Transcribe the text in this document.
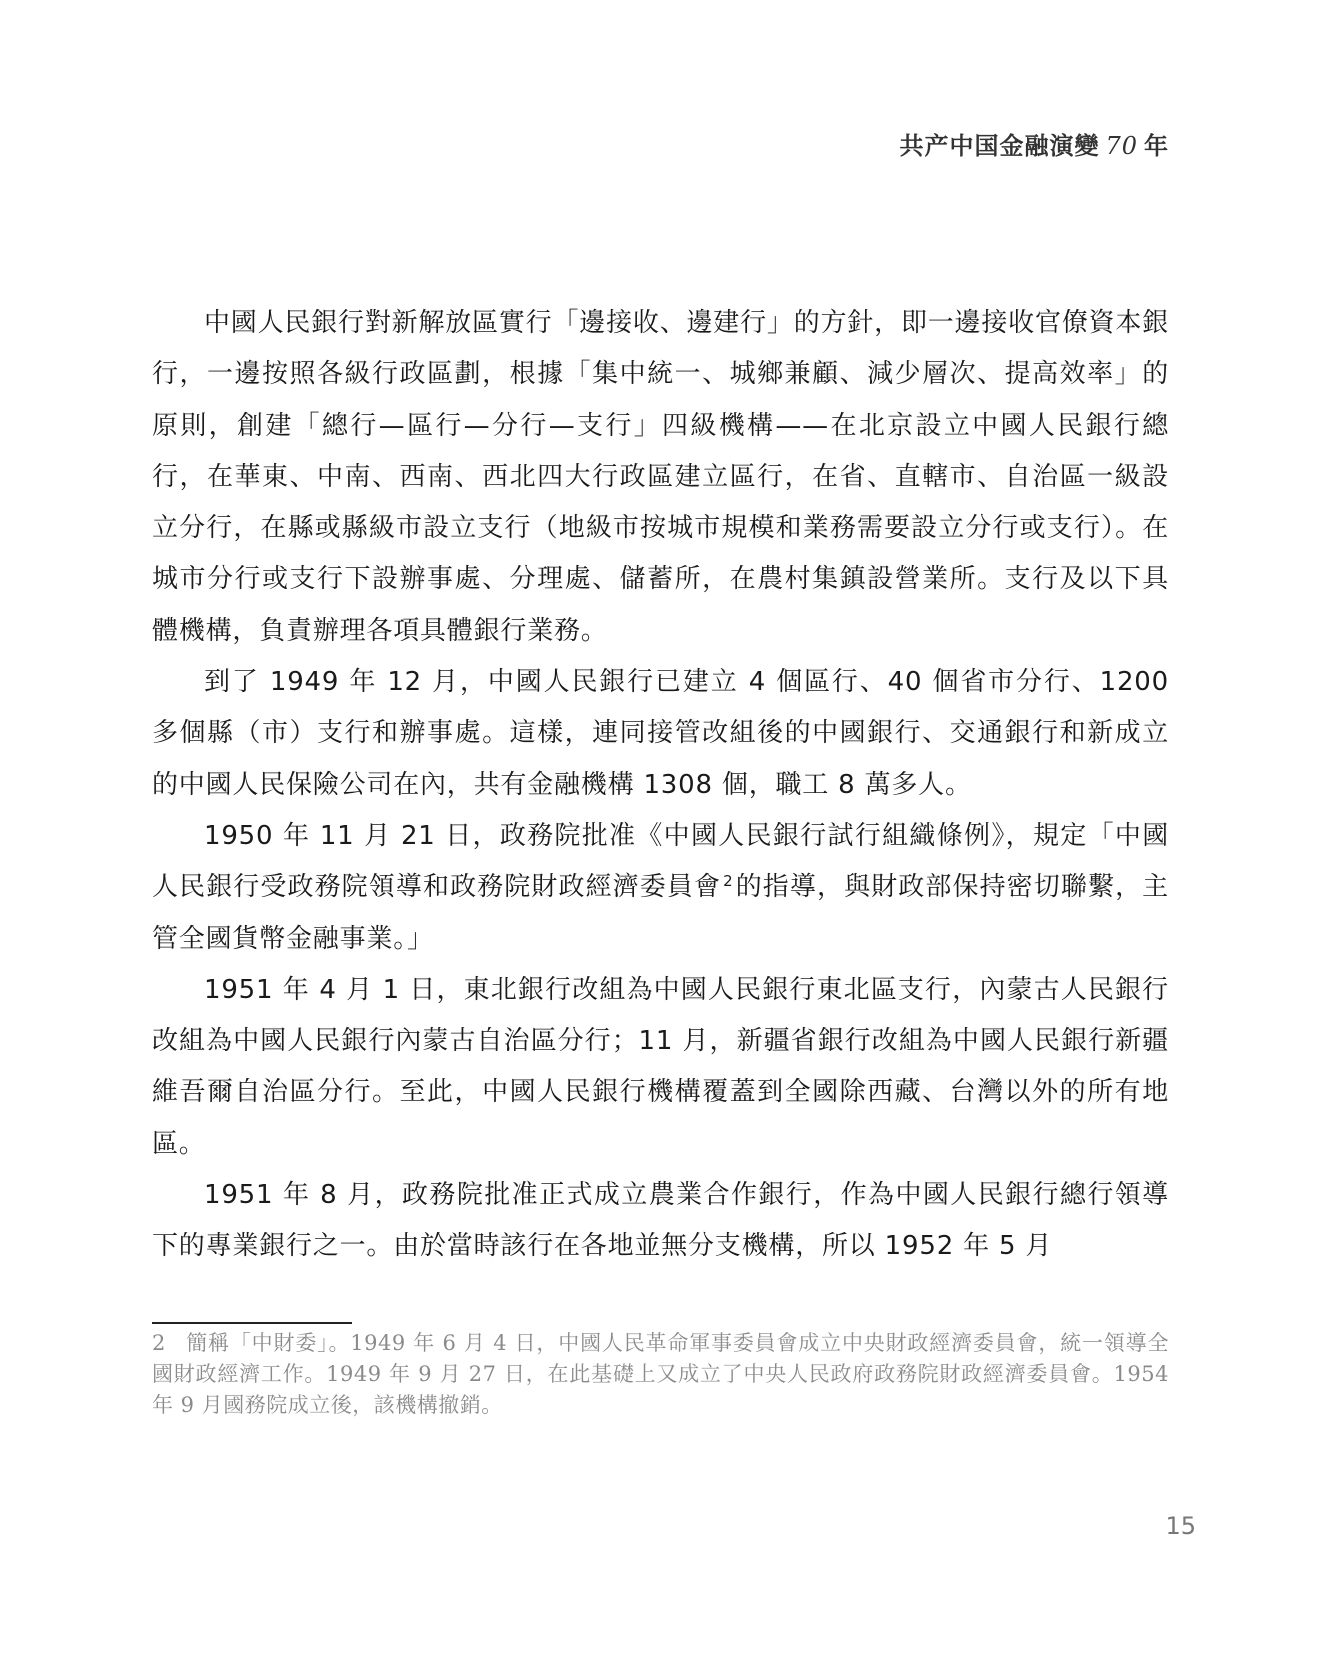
共产中国金融演變 70 年

中國人民銀行對新解放區實行「邊接收、邊建行」的方針，即一邊接收官僚資本銀行，一邊按照各級行政區劃，根據「集中統一、城鄉兼顧、減少層次、提高效率」的原則，創建「總行—區行—分行—支行」四級機構——在北京設立中國人民銀行總行，在華東、中南、西南、西北四大行政區建立區行，在省、直轄市、自治區一級設立分行，在縣或縣級市設立支行（地級市按城市規模和業務需要設立分行或支行）。在城市分行或支行下設辦事處、分理處、儲蓄所，在農村集鎮設營業所。支行及以下具體機構，負責辦理各項具體銀行業務。

到了 1949 年 12 月，中國人民銀行已建立 4 個區行、40 個省市分行、1200 多個縣（市）支行和辦事處。這樣，連同接管改組後的中國銀行、交通銀行和新成立的中國人民保險公司在內，共有金融機構 1308 個，職工 8 萬多人。

1950 年 11 月 21 日，政務院批准《中國人民銀行試行組織條例》，規定「中國人民銀行受政務院領導和政務院財政經濟委員會 $^2$的指導，與財政部保持密切聯繫，主管全國貨幣金融事業。」

1951 年 4 月 1 日，東北銀行改組為中國人民銀行東北區支行，內蒙古人民銀行改組為中國人民銀行內蒙古自治區分行；11 月，新疆省銀行改組為中國人民銀行新疆維吾爾自治區分行。至此，中國人民銀行機構覆蓋到全國除西藏、台灣以外的所有地區。

1951 年 8 月，政務院批准正式成立農業合作銀行，作為中國人民銀行總行領導下的專業銀行之一。由於當時該行在各地並無分支機構，所以 1952 年 5 月

2 簡稱「中財委」。1949 年 6 月 4 日，中國人民革命軍事委員會成立中央財政經濟委員會，統一領導全國財政經濟工作。1949 年 9 月 27 日，在此基礎上又成立了中央人民政府政務院財政經濟委員會。1954 年 9 月國務院成立後，該機構撤銷。
15
